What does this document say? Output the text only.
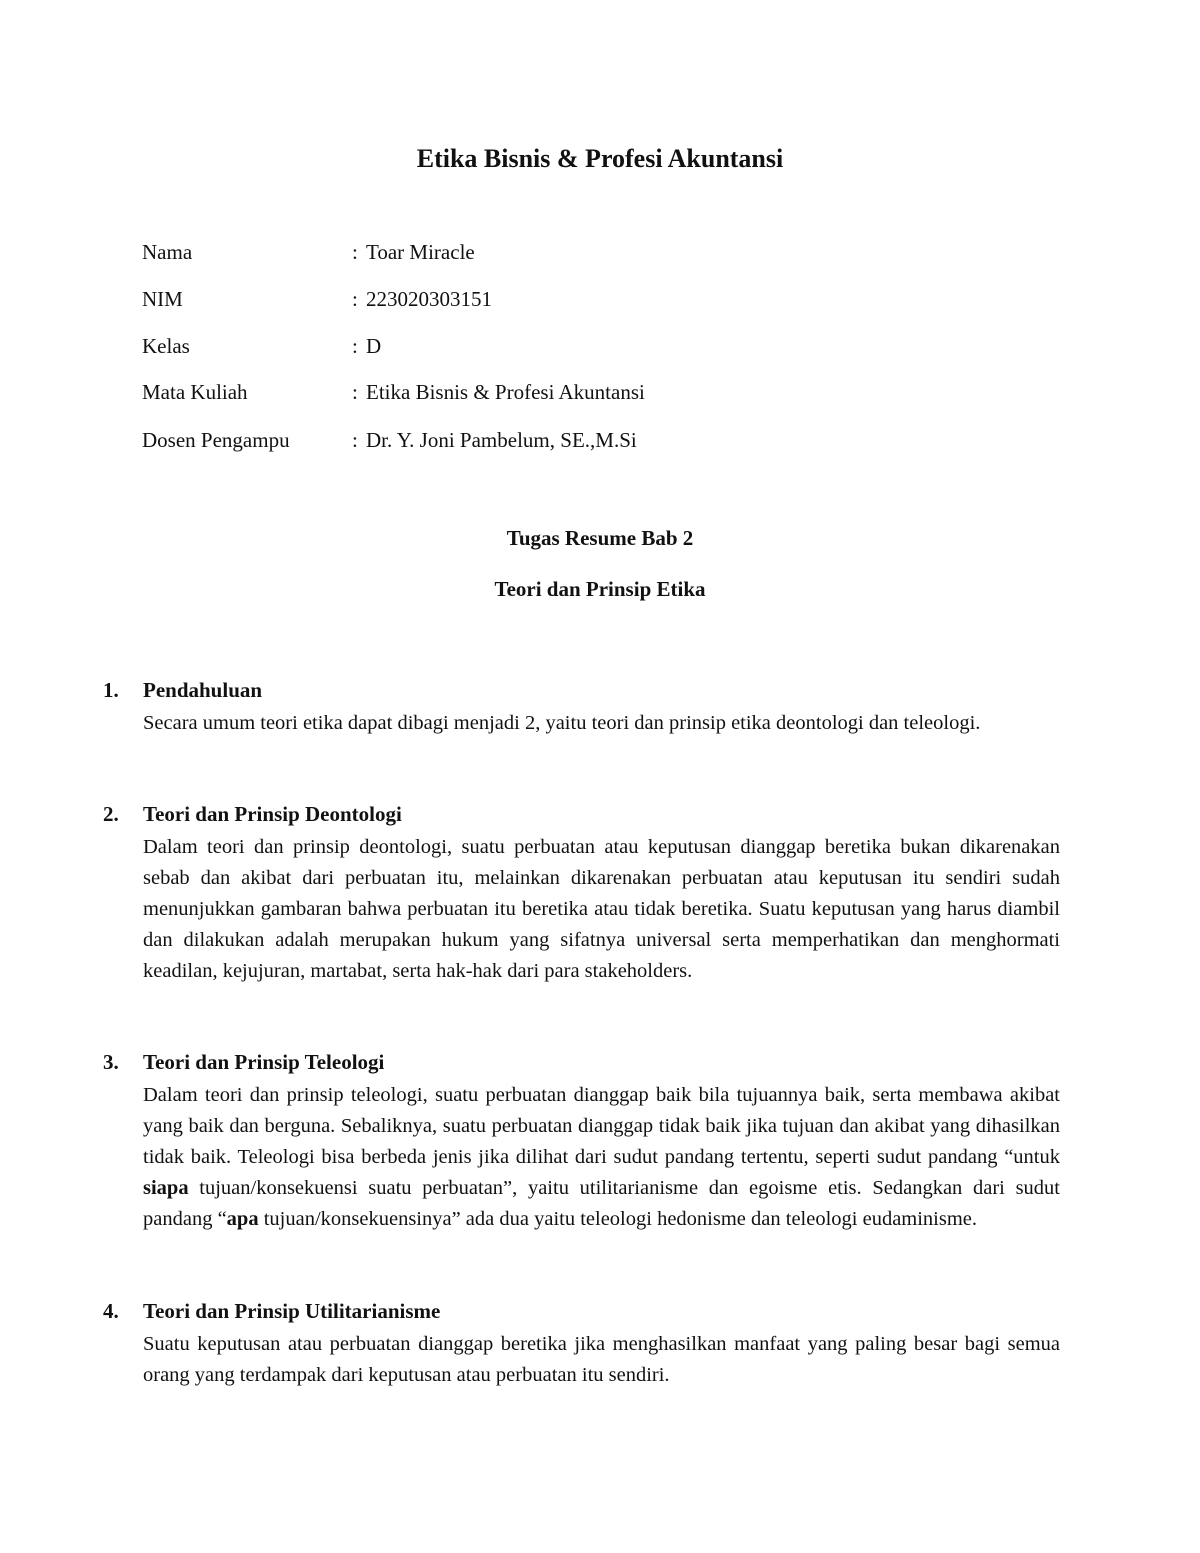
Etika Bisnis & Profesi Akuntansi
Nama	: Toar Miracle
NIM	: 223020303151
Kelas	: D
Mata Kuliah	: Etika Bisnis & Profesi Akuntansi
Dosen Pengampu	: Dr. Y. Joni Pambelum, SE.,M.Si
Tugas Resume Bab 2
Teori dan Prinsip Etika
1. Pendahuluan

Secara umum teori etika dapat dibagi menjadi 2, yaitu teori dan prinsip etika deontologi dan teleologi.

2. Teori dan Prinsip Deontologi

Dalam teori dan prinsip deontologi, suatu perbuatan atau keputusan dianggap beretika bukan dikarenakan sebab dan akibat dari perbuatan itu, melainkan dikarenakan perbuatan atau keputusan itu sendiri sudah menunjukkan gambaran bahwa perbuatan itu beretika atau tidak beretika. Suatu keputusan yang harus diambil dan dilakukan adalah merupakan hukum yang sifatnya universal serta memperhatikan dan menghormati keadilan, kejujuran, martabat, serta hak-hak dari para stakeholders.

3. Teori dan Prinsip Teleologi

Dalam teori dan prinsip teleologi, suatu perbuatan dianggap baik bila tujuannya baik, serta membawa akibat yang baik dan berguna. Sebaliknya, suatu perbuatan dianggap tidak baik jika tujuan dan akibat yang dihasilkan tidak baik. Teleologi bisa berbeda jenis jika dilihat dari sudut pandang tertentu, seperti sudut pandang “untuk siapa tujuan/konsekuensi suatu perbuatan”, yaitu utilitarianisme dan egoisme etis. Sedangkan dari sudut pandang “apa tujuan/konsekuensinya” ada dua yaitu teleologi hedonisme dan teleologi eudaminisme.

4. Teori dan Prinsip Utilitarianisme

Suatu keputusan atau perbuatan dianggap beretika jika menghasilkan manfaat yang paling besar bagi semua orang yang terdampak dari keputusan atau perbuatan itu sendiri.
